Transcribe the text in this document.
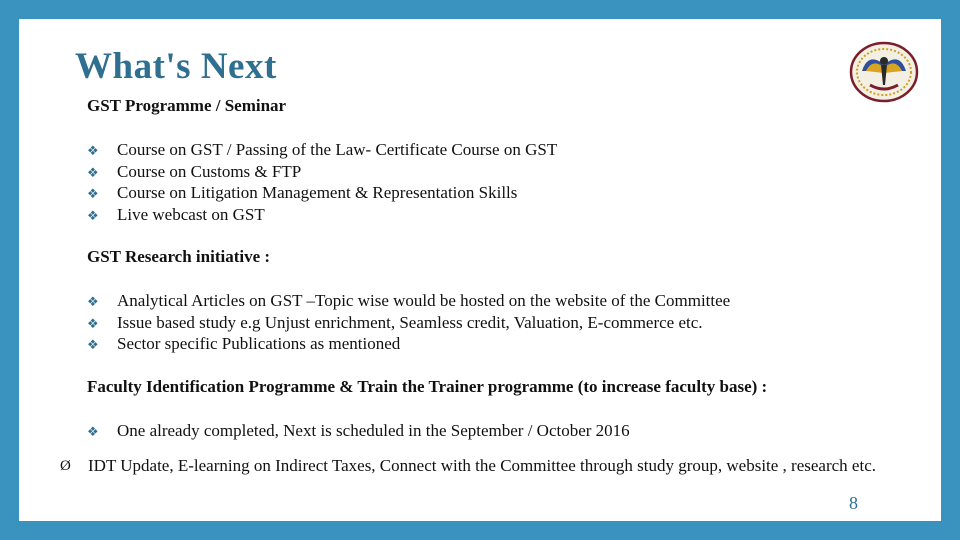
What's Next
GST Programme / Seminar
❖ Course on GST / Passing of the Law- Certificate Course on GST
❖ Course on Customs & FTP
❖ Course on Litigation Management & Representation Skills
❖ Live webcast on GST
GST Research initiative :
❖ Analytical Articles on GST –Topic wise would be hosted on the website of the Committee
❖ Issue based study e.g Unjust enrichment, Seamless credit, Valuation, E-commerce etc.
❖ Sector specific Publications as mentioned
Faculty Identification Programme & Train the Trainer programme (to increase faculty base) :
❖ One already completed, Next is scheduled in the September / October 2016
Ø	IDT Update, E-learning on Indirect Taxes, Connect with the Committee through study group, website , research etc.
8
